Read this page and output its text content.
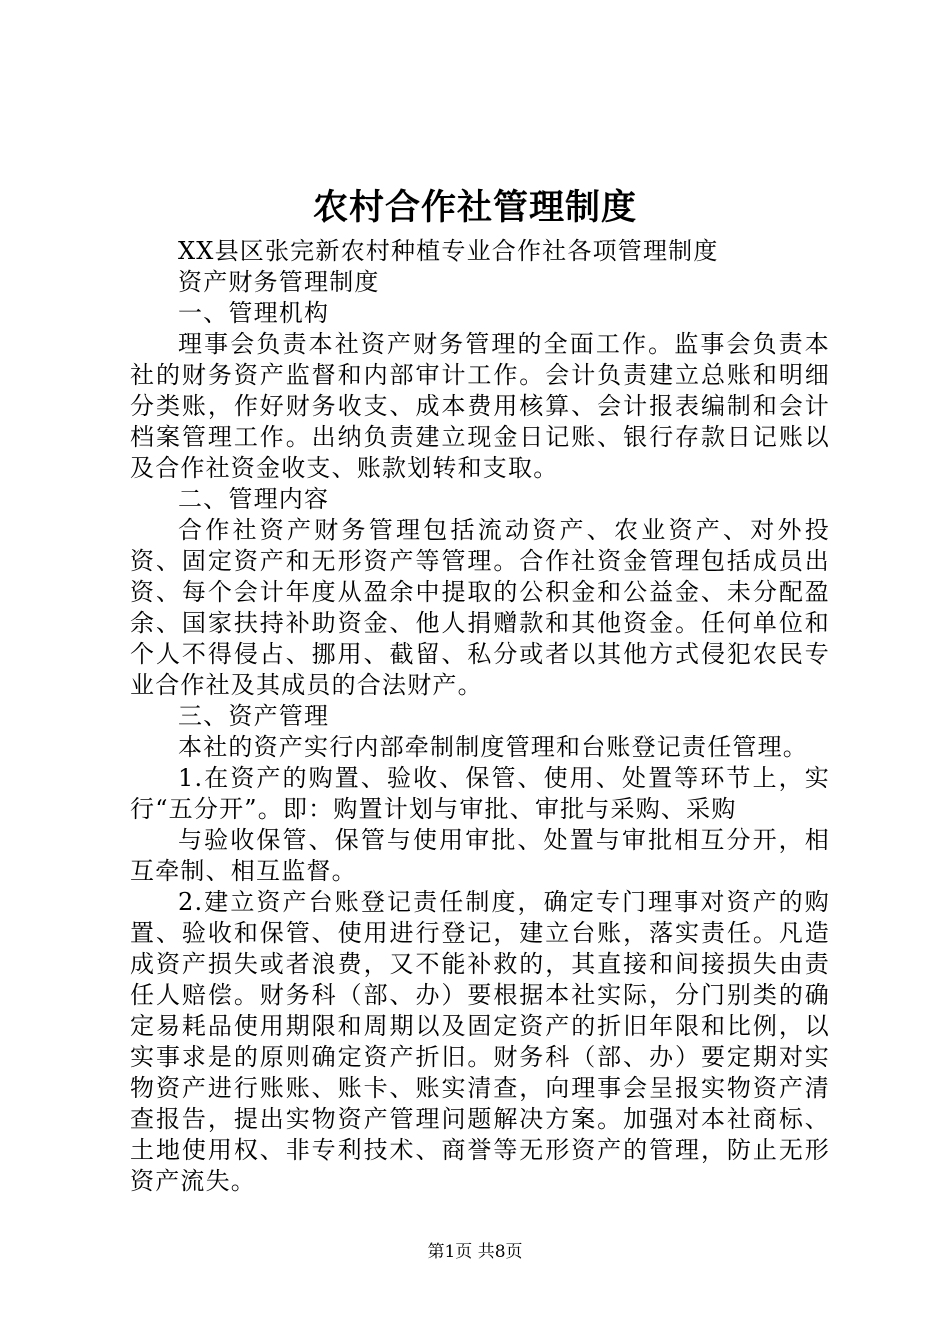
农村合作社管理制度

XX县区张完新农村种植专业合作社各项管理制度

资产财务管理制度

一、管理机构

理事会负责本社资产财务管理的全面工作。监事会负责本社的财务资产监督和内部审计工作。会计负责建立总账和明细分类账，作好财务收支、成本费用核算、会计报表编制和会计档案管理工作。出纳负责建立现金日记账、银行存款日记账以及合作社资金收支、账款划转和支取。

二、管理内容

合作社资产财务管理包括流动资产、农业资产、对外投资、固定资产和无形资产等管理。合作社资金管理包括成员出资、每个会计年度从盈余中提取的公积金和公益金、未分配盈余、国家扶持补助资金、他人捐赠款和其他资金。任何单位和个人不得侵占、挪用、截留、私分或者以其他方式侵犯农民专业合作社及其成员的合法财产。

三、资产管理

本社的资产实行内部牵制制度管理和台账登记责任管理。

1.在资产的购置、验收、保管、使用、处置等环节上，实行“五分开”。即：购置计划与审批、审批与采购、采购

与验收保管、保管与使用审批、处置与审批相互分开，相互牵制、相互监督。

2.建立资产台账登记责任制度，确定专门理事对资产的购置、验收和保管、使用进行登记，建立台账，落实责任。凡造成资产损失或者浪费，又不能补救的，其直接和间接损失由责任人赔偿。财务科（部、办）要根据本社实际，分门别类的确定易耗品使用期限和周期以及固定资产的折旧年限和比例，以实事求是的原则确定资产折旧。财务科（部、办）要定期对实物资产进行账账、账卡、账实清查，向理事会呈报实物资产清查报告，提出实物资产管理问题解决方案。加强对本社商标、土地使用权、非专利技术、商誉等无形资产的管理，防止无形资产流失。

第1页 共8页
